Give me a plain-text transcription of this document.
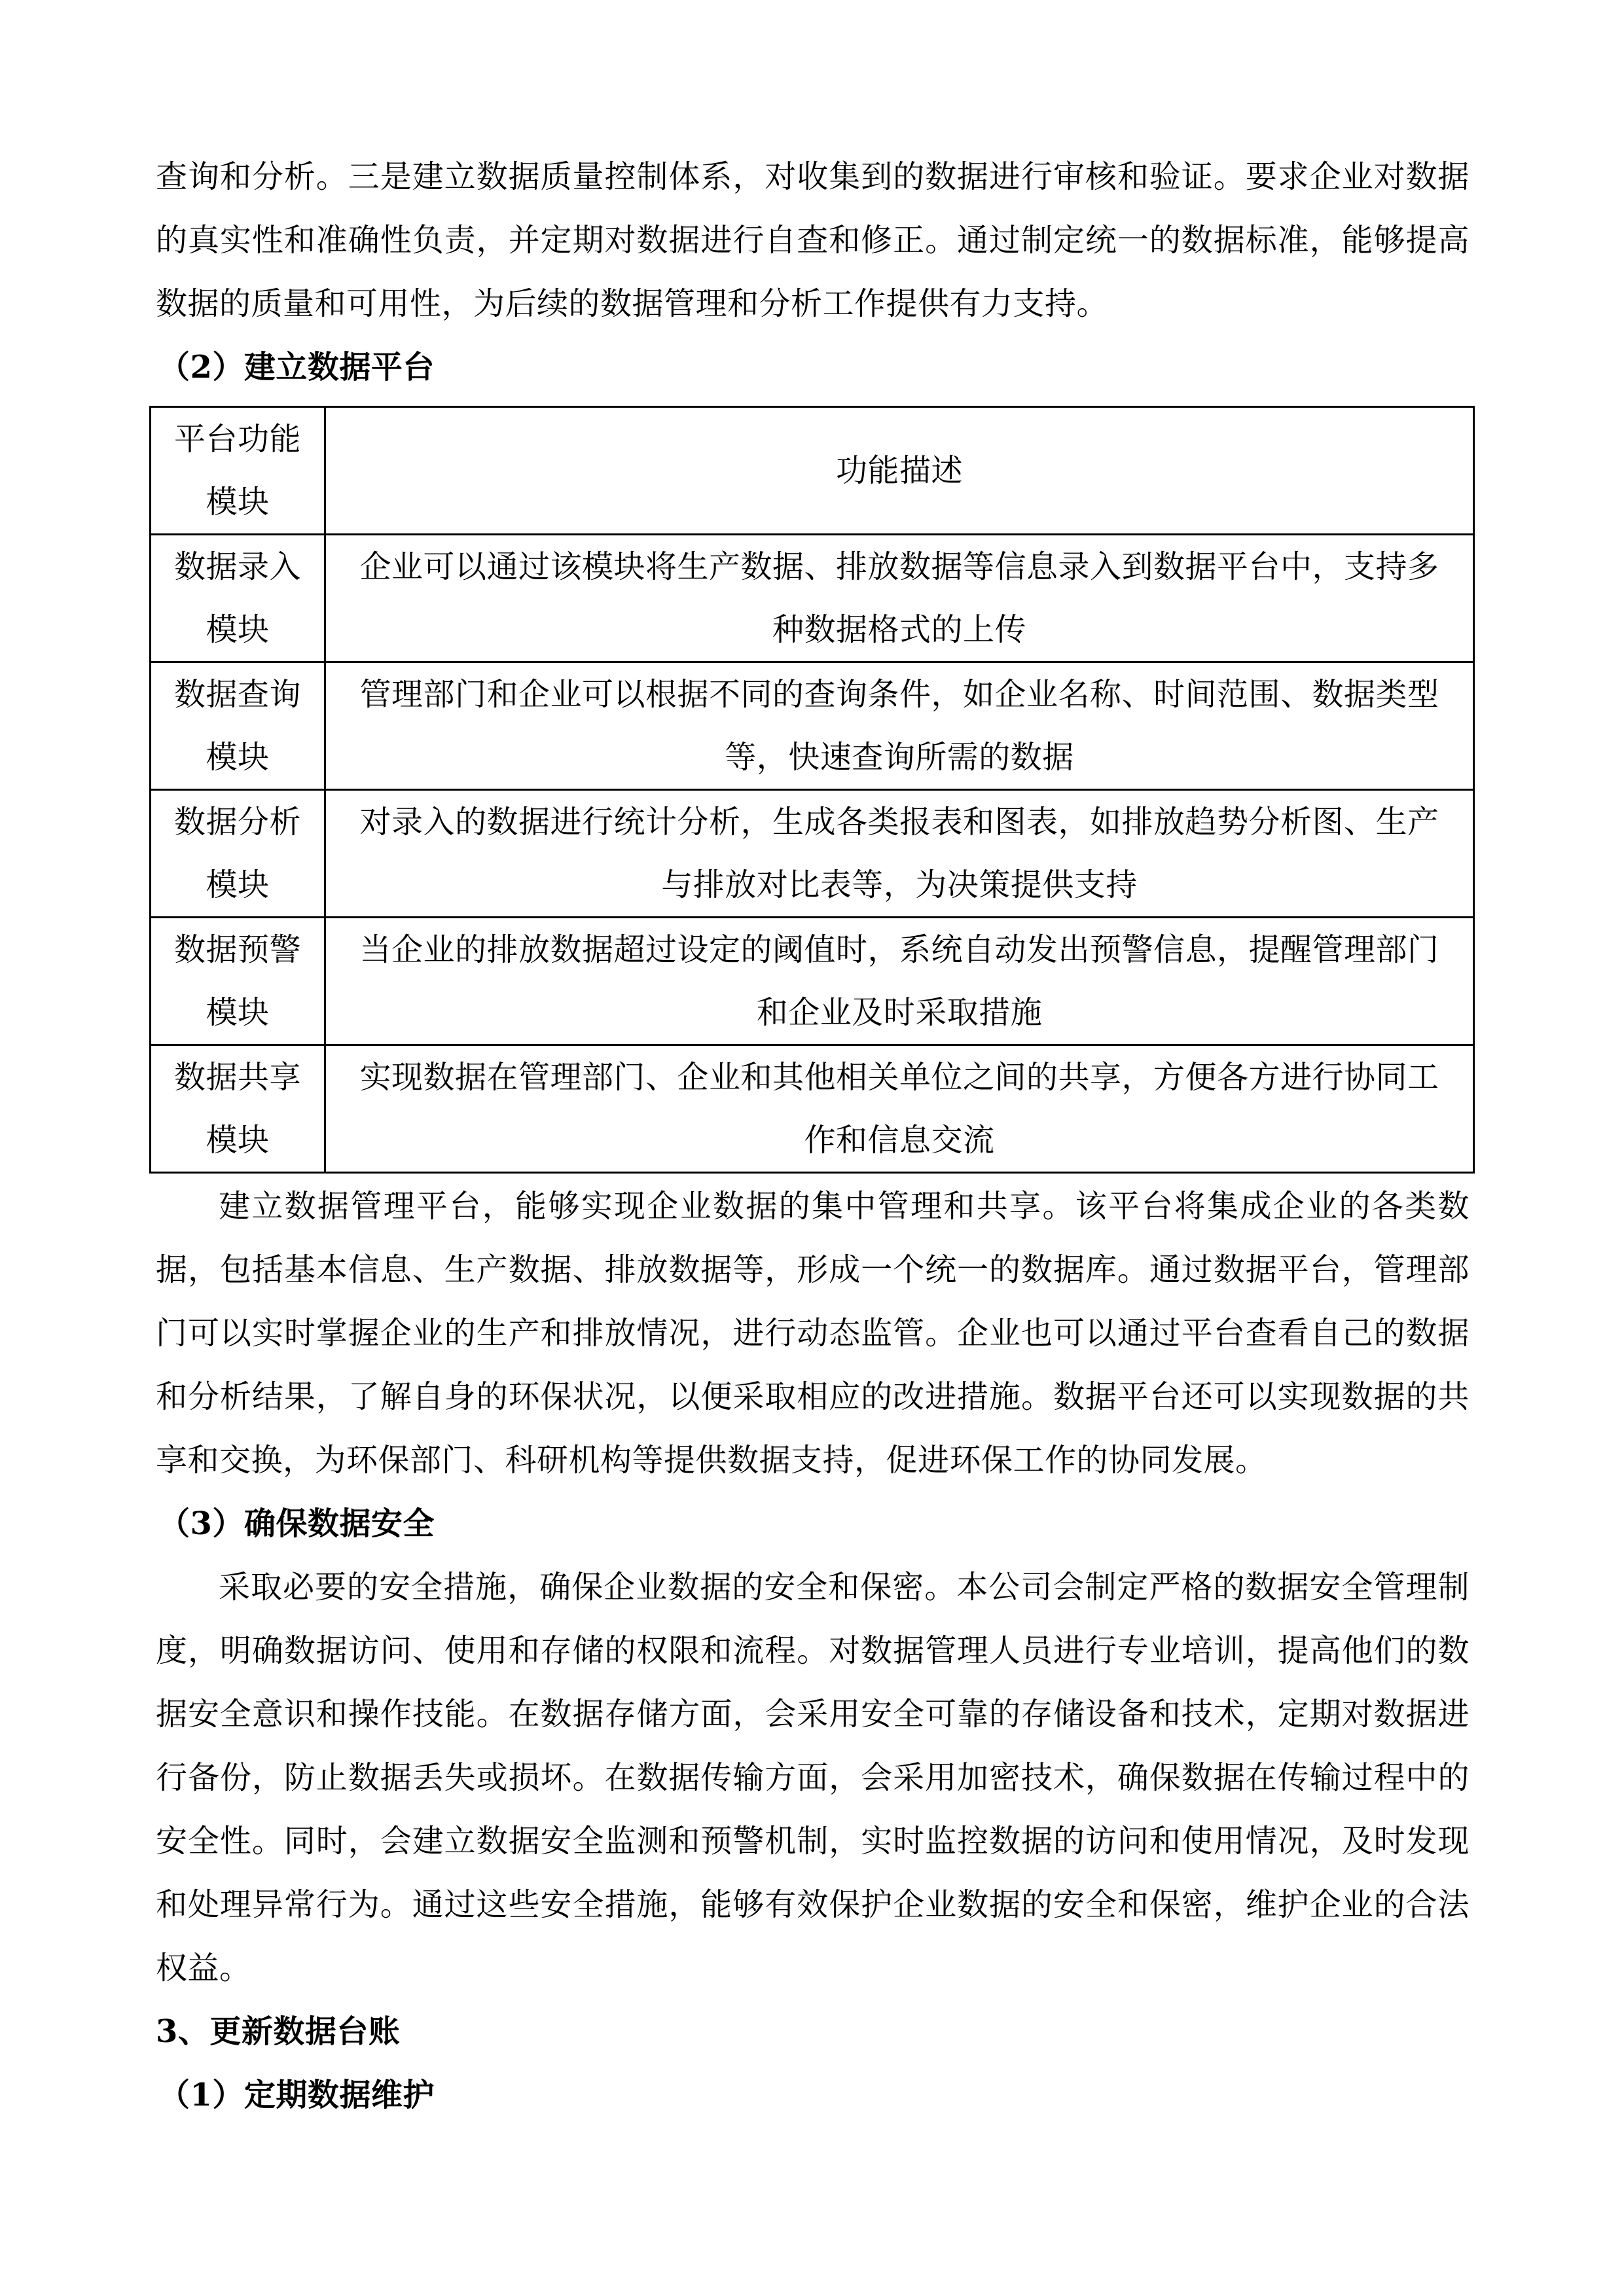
查询和分析。三是建立数据质量控制体系，对收集到的数据进行审核和验证。要求企业对数据的真实性和准确性负责，并定期对数据进行自查和修正。通过制定统一的数据标准，能够提高数据的质量和可用性，为后续的数据管理和分析工作提供有力支持。

（2）建立数据平台
平台功能模块	功能描述
数据录入模块	企业可以通过该模块将生产数据、排放数据等信息录入到数据平台中，支持多种数据格式的上传
数据查询模块	管理部门和企业可以根据不同的查询条件，如企业名称、时间范围、数据类型等，快速查询所需的数据
数据分析模块	对录入的数据进行统计分析，生成各类报表和图表，如排放趋势分析图、生产与排放对比表等，为决策提供支持
数据预警模块	当企业的排放数据超过设定的阈值时，系统自动发出预警信息，提醒管理部门和企业及时采取措施
数据共享模块	实现数据在管理部门、企业和其他相关单位之间的共享，方便各方进行协同工作和信息交流

建立数据管理平台，能够实现企业数据的集中管理和共享。该平台将集成企业的各类数据，包括基本信息、生产数据、排放数据等，形成一个统一的数据库。通过数据平台，管理部门可以实时掌握企业的生产和排放情况，进行动态监管。企业也可以通过平台查看自己的数据和分析结果，了解自身的环保状况，以便采取相应的改进措施。数据平台还可以实现数据的共享和交换，为环保部门、科研机构等提供数据支持，促进环保工作的协同发展。

（3）确保数据安全

采取必要的安全措施，确保企业数据的安全和保密。本公司会制定严格的数据安全管理制度，明确数据访问、使用和存储的权限和流程。对数据管理人员进行专业培训，提高他们的数据安全意识和操作技能。在数据存储方面，会采用安全可靠的存储设备和技术，定期对数据进行备份，防止数据丢失或损坏。在数据传输方面，会采用加密技术，确保数据在传输过程中的安全性。同时，会建立数据安全监测和预警机制，实时监控数据的访问和使用情况，及时发现和处理异常行为。通过这些安全措施，能够有效保护企业数据的安全和保密，维护企业的合法权益。

3、更新数据台账
（1）定期数据维护
